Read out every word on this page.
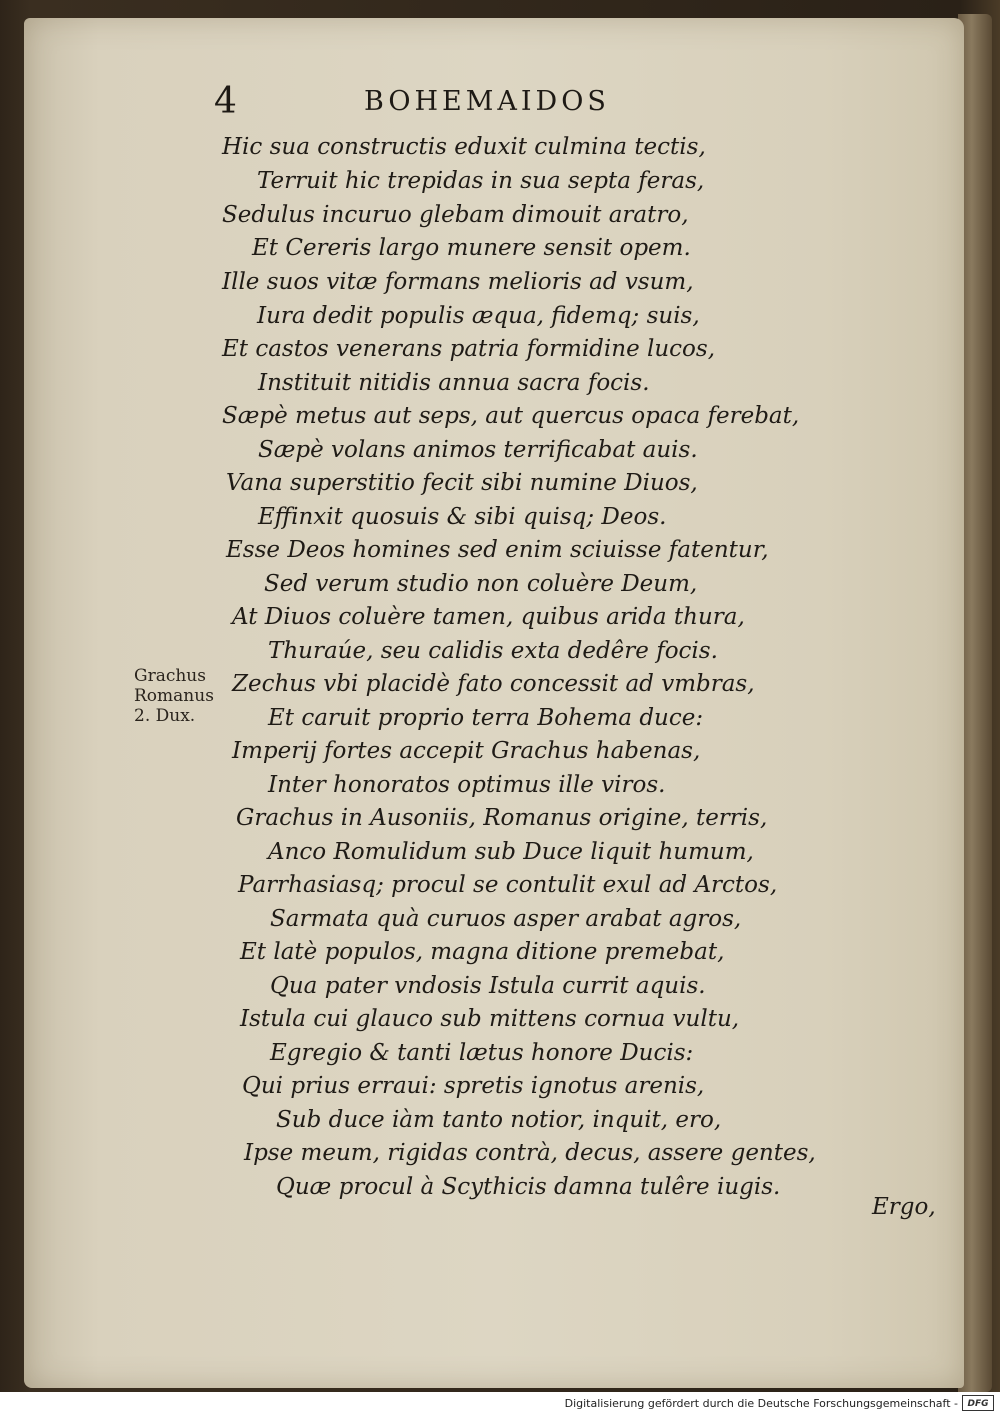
4	BOHEMAIDOS
Hic sua constructis eduxit culmina tectis,
Terruit hic trepidas in sua septa feras,
Sedulus incuruo glebam dimouit aratro,
Et Cereris largo munere sensit opem.
Ille suos vitæ formans melioris ad vsum,
Iura dedit populis æqua, fidemq; suis,
Et castos venerans patria formidine lucos,
Instituit nitidis annua sacra focis.
Sæpè metus aut seps, aut quercus opaca ferebat,
Sæpè volans animos terrificabat auis.
Vana superstitio fecit sibi numine Diuos,
Effinxit quosuis & sibi quisq; Deos.
Esse Deos homines sed enim sciuisse fatentur,
Sed verum studio non coluère Deum,
At Diuos coluère tamen, quibus arida thura,
Thuraúe, seu calidis exta dedêre focis.
Zechus vbi placidè fato concessit ad vmbras,
Et caruit proprio terra Bohema duce:
Imperij fortes accepit Grachus habenas,
Inter honoratos optimus ille viros.
Grachus in Ausoniis, Romanus origine, terris,
Anco Romulidum sub Duce liquit humum,
Parrhasiasq; procul se contulit exul ad Arctos,
Sarmata quà curuos asper arabat agros,
Et latè populos, magna ditione premebat,
Qua pater vndosis Istula currit aquis.
Istula cui glauco sub mittens cornua vultu,
Egregio & tanti lætus honore Ducis:
Qui prius erraui: spretis ignotus arenis,
Sub duce iàm tanto notior, inquit, ero,
Ipse meum, rigidas contrà, decus, assere gentes,
Quæ procul à Scythicis damna tulêre iugis.
Grachus
Romanus
2. Dux.
Ergo,
Digitalisierung gefördert durch die Deutsche Forschungsgemeinschaft -	DFG
